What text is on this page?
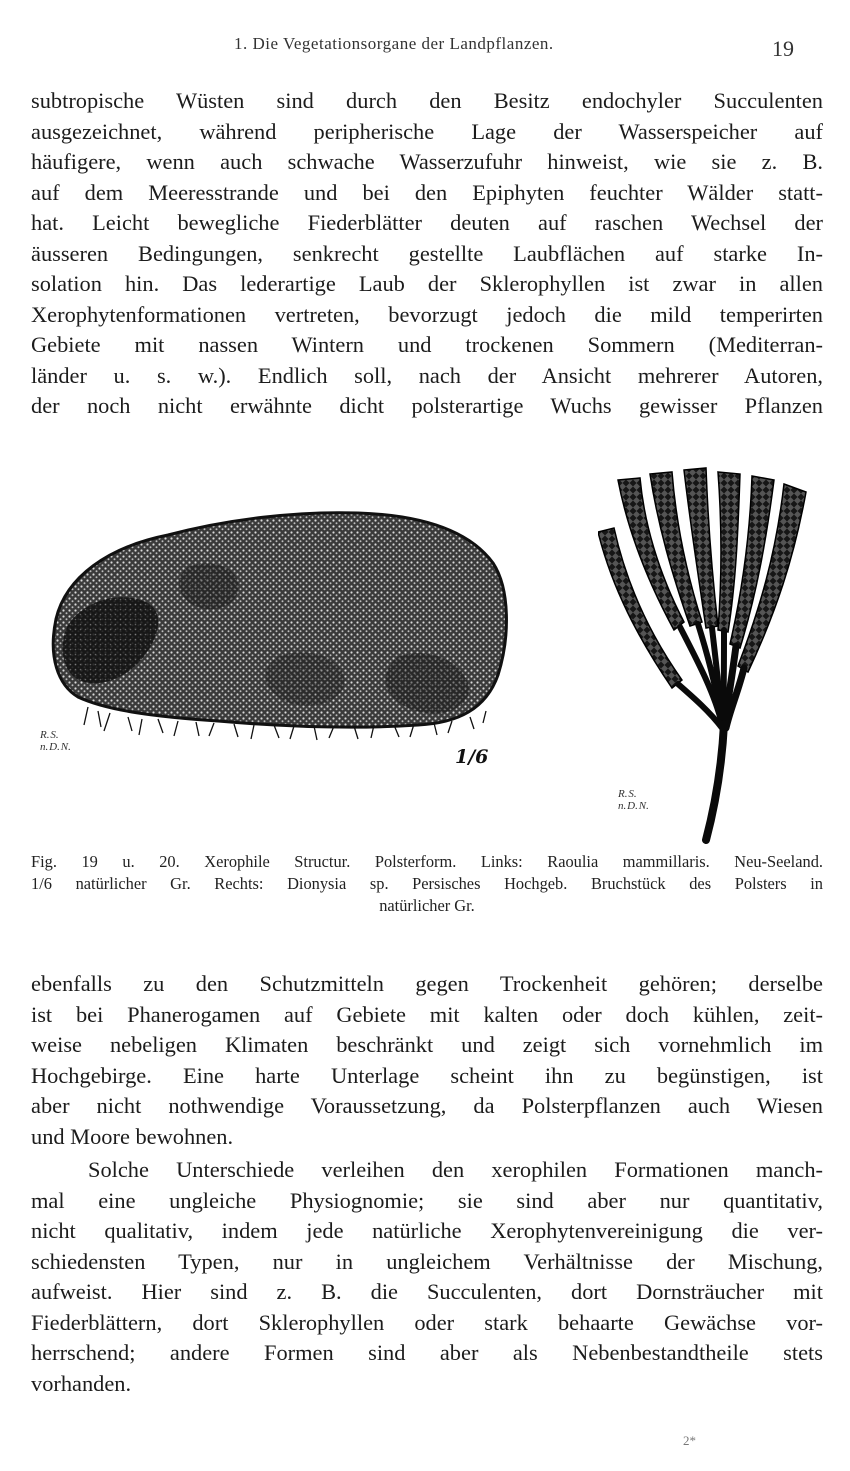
1. Die Vegetationsorgane der Landpflanzen.	19
subtropische Wüsten sind durch den Besitz endochyler Succulenten
ausgezeichnet, während peripherische Lage der Wasserspeicher auf
häufigere, wenn auch schwache Wasserzufuhr hinweist, wie sie z. B.
auf dem Meeresstrande und bei den Epiphyten feuchter Wälder statt-
hat. Leicht bewegliche Fiederblätter deuten auf raschen Wechsel der
äusseren Bedingungen, senkrecht gestellte Laubflächen auf starke In-
solation hin. Das lederartige Laub der Sklerophyllen ist zwar in allen
Xerophytenformationen vertreten, bevorzugt jedoch die mild temperirten
Gebiete mit nassen Wintern und trockenen Sommern (Mediterran-
länder u. s. w.). Endlich soll, nach der Ansicht mehrerer Autoren,
der noch nicht erwähnte dicht polsterartige Wuchs gewisser Pflanzen
R. S.
n. D. N.	1/6
R. S.
n. D. N.
Fig. 19 u. 20. Xerophile Structur. Polsterform. Links: Raoulia mammillaris. Neu-Seeland.
1/6 natürlicher Gr. Rechts: Dionysia sp. Persisches Hochgeb. Bruchstück des Polsters in
natürlicher Gr.
ebenfalls zu den Schutzmitteln gegen Trockenheit gehören; derselbe
ist bei Phanerogamen auf Gebiete mit kalten oder doch kühlen, zeit-
weise nebeligen Klimaten beschränkt und zeigt sich vornehmlich im
Hochgebirge. Eine harte Unterlage scheint ihn zu begünstigen, ist
aber nicht nothwendige Voraussetzung, da Polsterpflanzen auch Wiesen
und Moore bewohnen.
Solche Unterschiede verleihen den xerophilen Formationen manch-
mal eine ungleiche Physiognomie; sie sind aber nur quantitativ,
nicht qualitativ, indem jede natürliche Xerophytenvereinigung die ver-
schiedensten Typen, nur in ungleichem Verhältnisse der Mischung,
aufweist. Hier sind z. B. die Succulenten, dort Dornsträucher mit
Fiederblättern, dort Sklerophyllen oder stark behaarte Gewächse vor-
herrschend; andere Formen sind aber als Nebenbestandtheile stets
vorhanden.
2*
